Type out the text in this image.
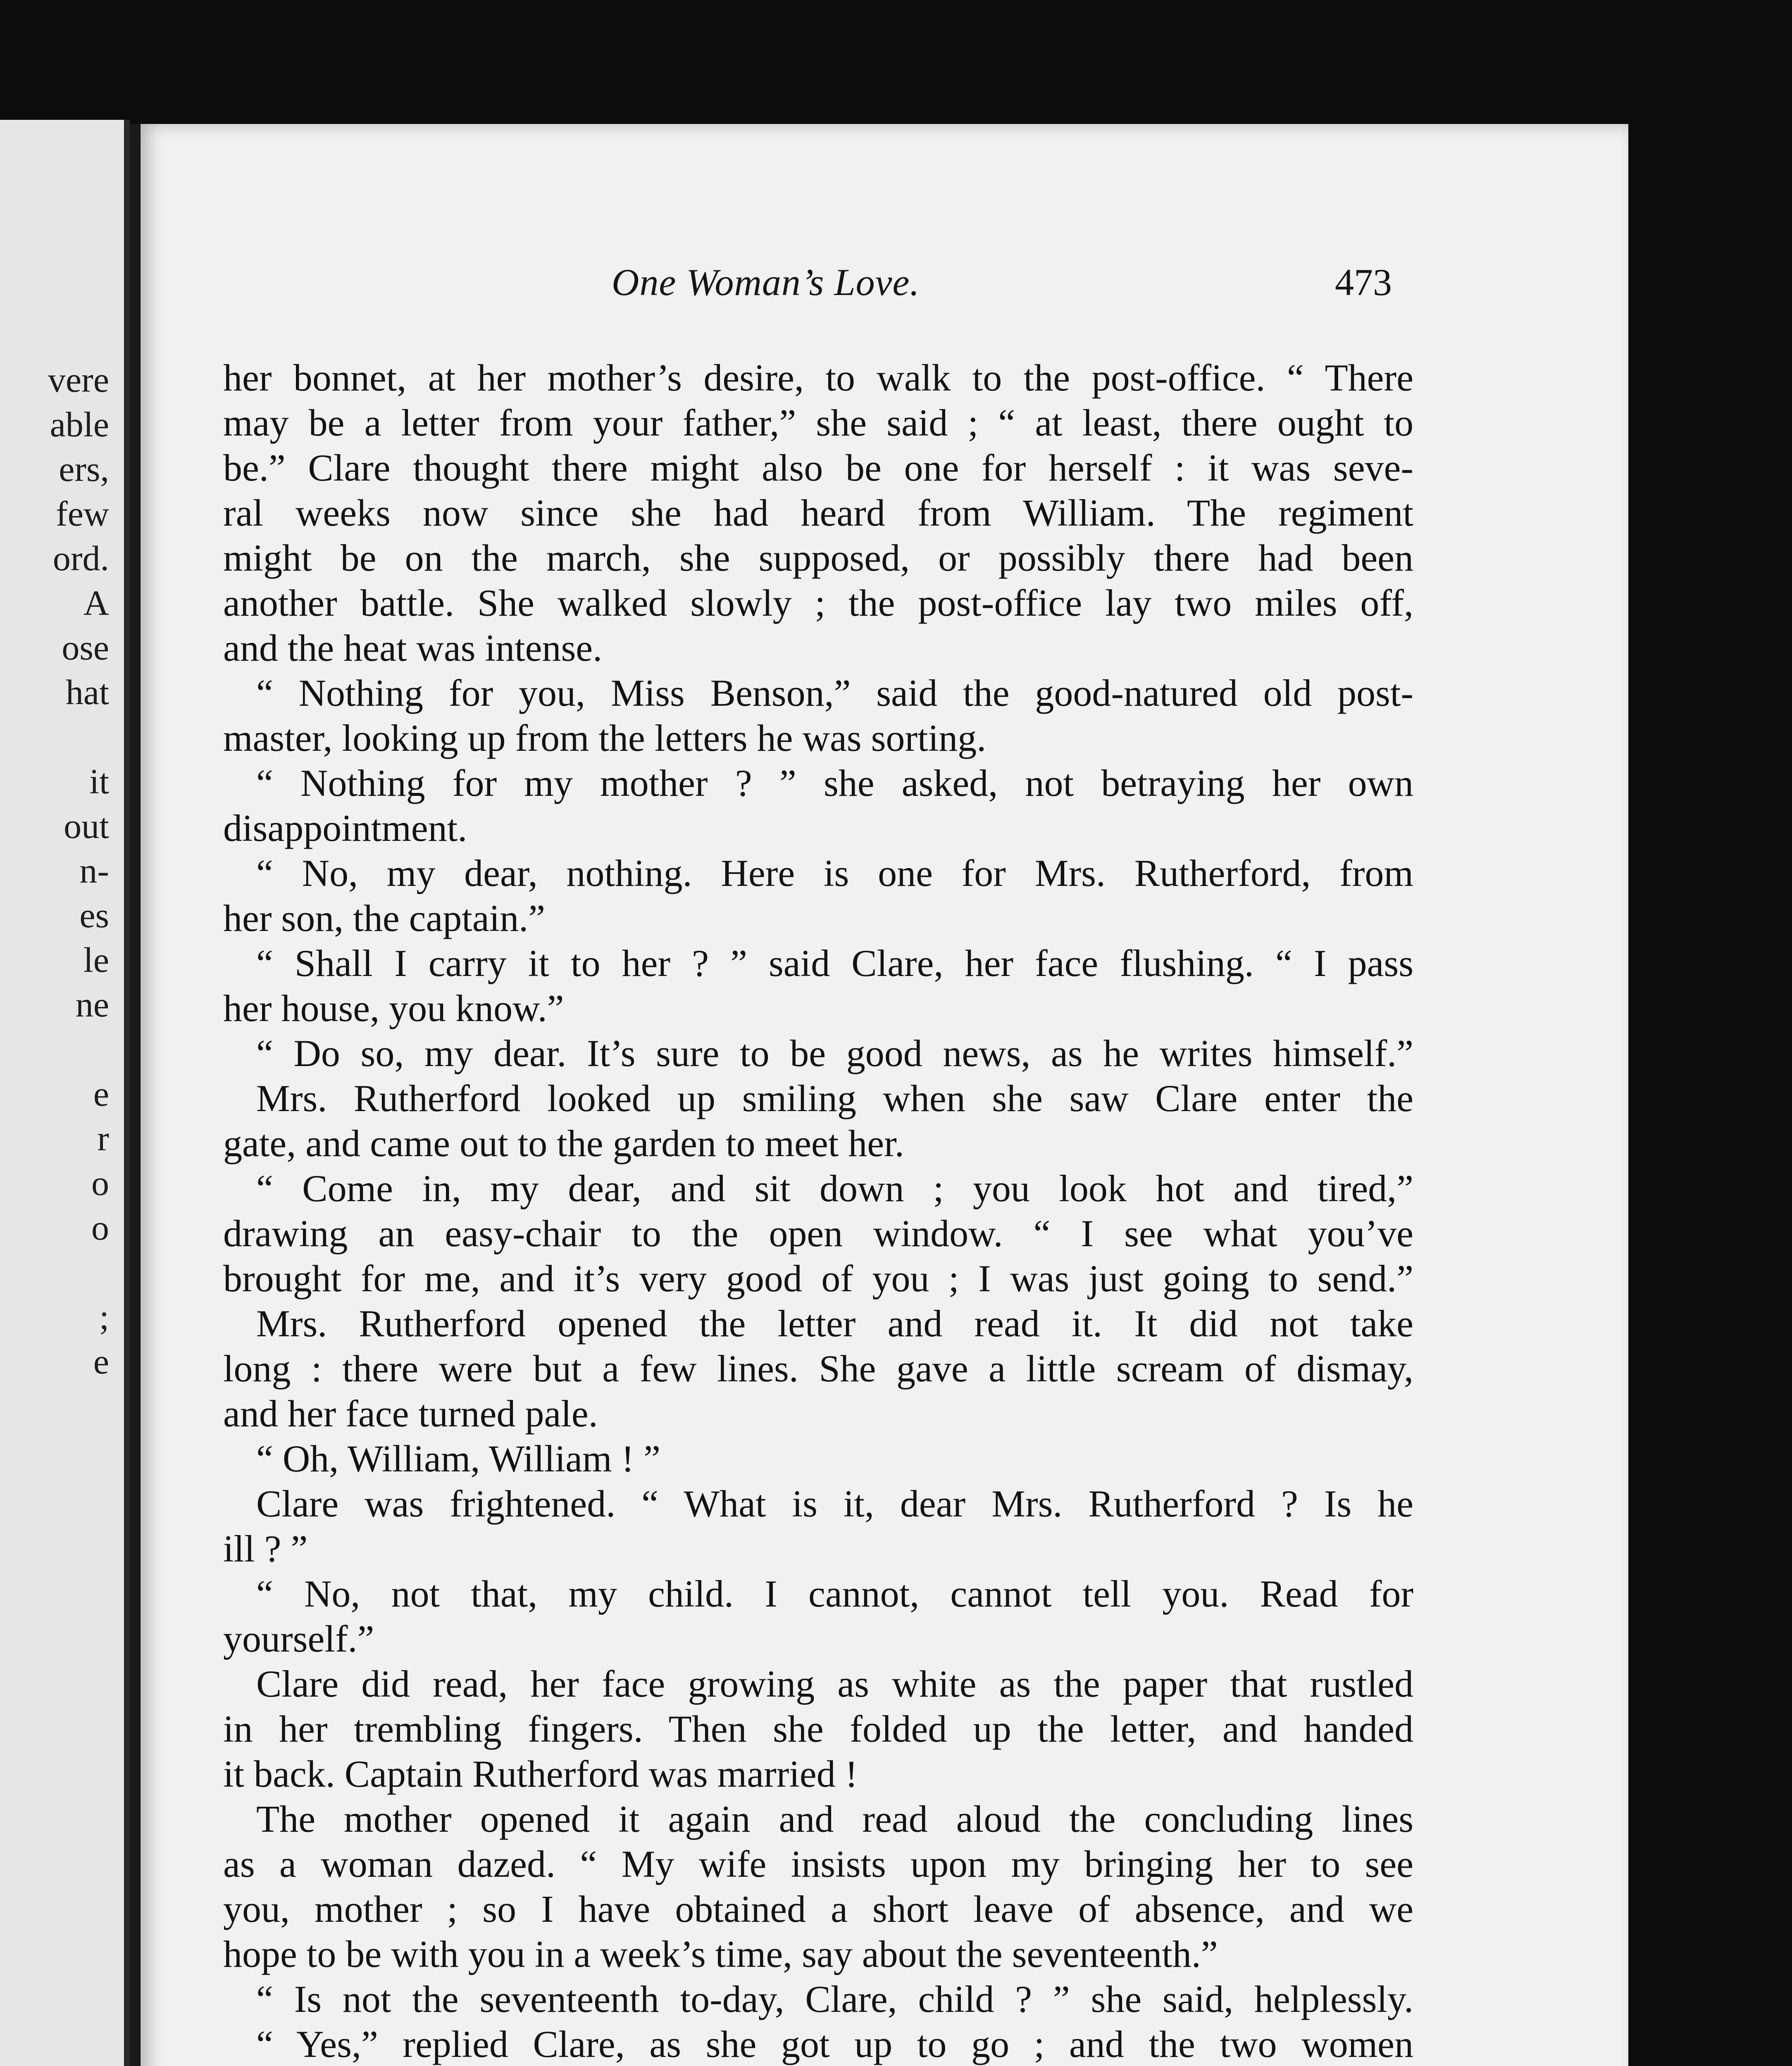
vere
able
ers,
few
ord.
A
ose
hat
it
out
n-
es
le
ne
e
r
o
o
;
e
One Woman’s Love.	473
her bonnet, at her mother’s desire, to walk to the post-office. “ There
may be a letter from your father,” she said ; “ at least, there ought to
be.” Clare thought there might also be one for herself : it was seve-
ral weeks now since she had heard from William. The regiment
might be on the march, she supposed, or possibly there had been
another battle. She walked slowly ; the post-office lay two miles off,
and the heat was intense.
“ Nothing for you, Miss Benson,” said the good-natured old post-
master, looking up from the letters he was sorting.
“ Nothing for my mother ? ” she asked, not betraying her own
disappointment.
“ No, my dear, nothing. Here is one for Mrs. Rutherford, from
her son, the captain.”
“ Shall I carry it to her ? ” said Clare, her face flushing. “ I pass
her house, you know.”
“ Do so, my dear. It’s sure to be good news, as he writes himself.”
Mrs. Rutherford looked up smiling when she saw Clare enter the
gate, and came out to the garden to meet her.
“ Come in, my dear, and sit down ; you look hot and tired,”
drawing an easy-chair to the open window. “ I see what you’ve
brought for me, and it’s very good of you ; I was just going to send.”
Mrs. Rutherford opened the letter and read it. It did not take
long : there were but a few lines. She gave a little scream of dismay,
and her face turned pale.
“ Oh, William, William ! ”
Clare was frightened. “ What is it, dear Mrs. Rutherford ? Is he
ill ? ”
“ No, not that, my child. I cannot, cannot tell you. Read for
yourself.”
Clare did read, her face growing as white as the paper that rustled
in her trembling fingers. Then she folded up the letter, and handed
it back. Captain Rutherford was married !
The mother opened it again and read aloud the concluding lines
as a woman dazed. “ My wife insists upon my bringing her to see
you, mother ; so I have obtained a short leave of absence, and we
hope to be with you in a week’s time, say about the seventeenth.”
“ Is not the seventeenth to-day, Clare, child ? ” she said, helplessly.
“ Yes,” replied Clare, as she got up to go ; and the two women
